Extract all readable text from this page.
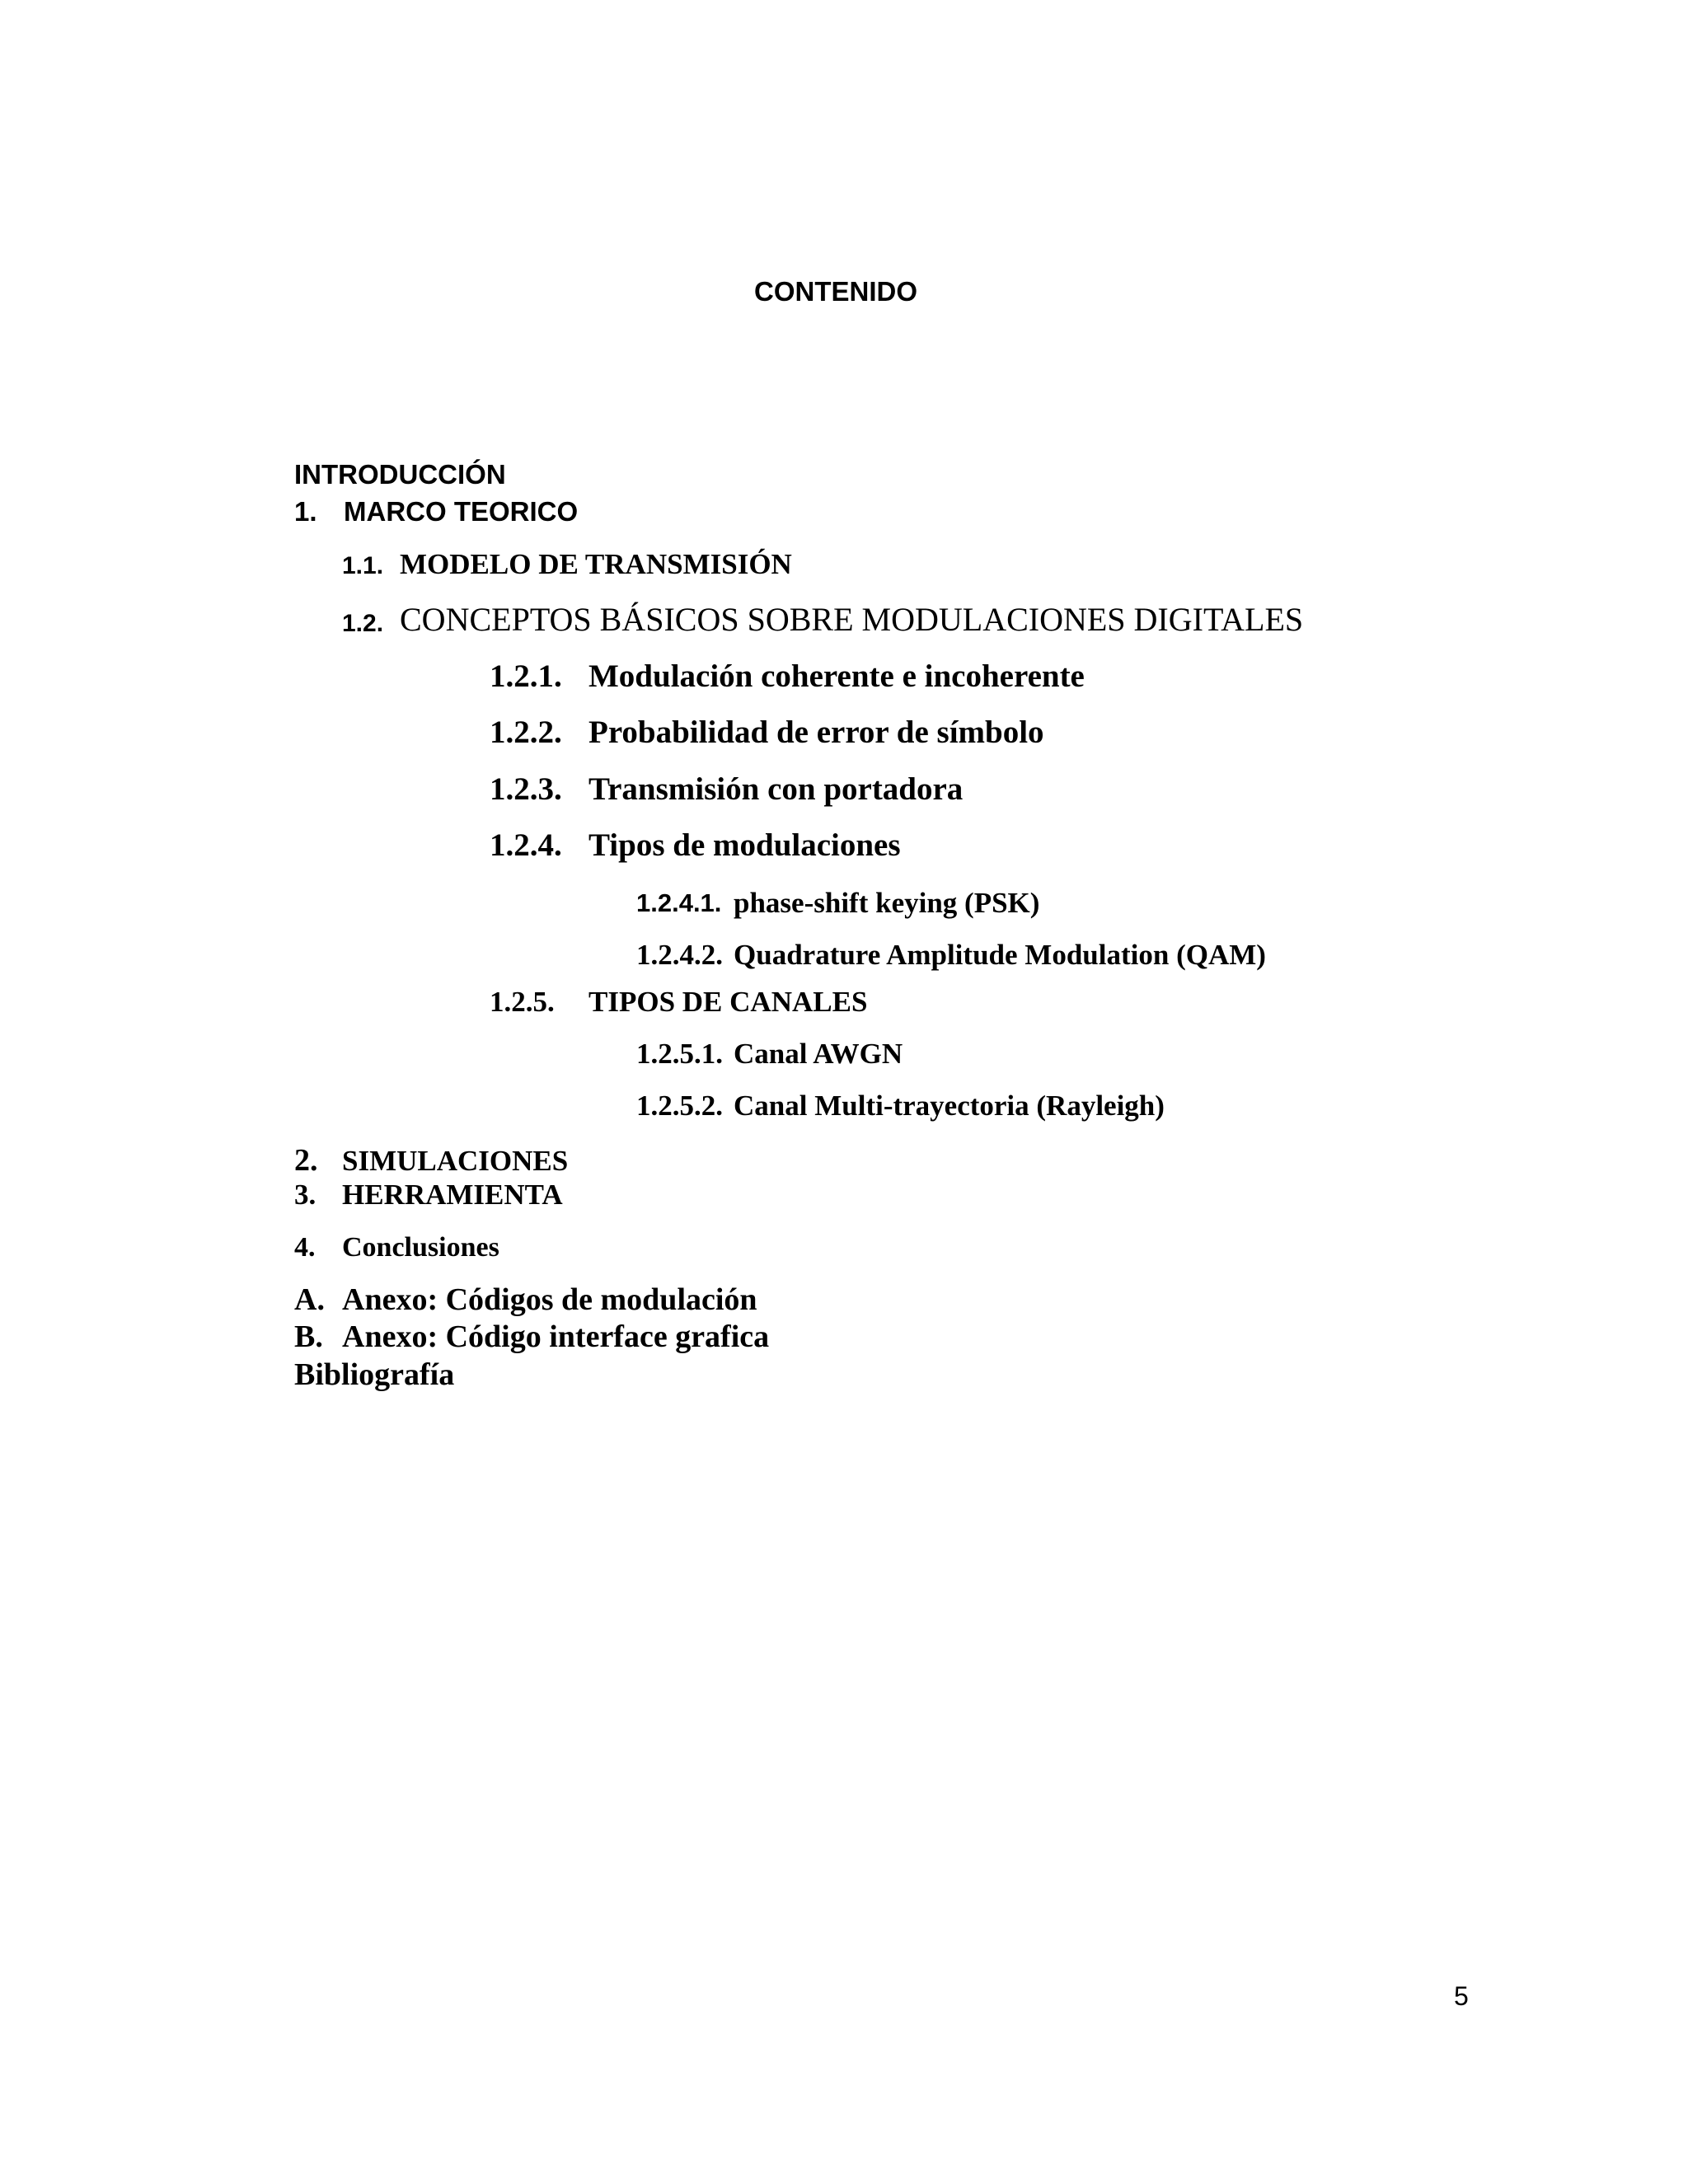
CONTENIDO
INTRODUCCIÓN
1. MARCO TEORICO
1.1. MODELO DE TRANSMISIÓN
1.2. CONCEPTOS BÁSICOS SOBRE MODULACIONES DIGITALES
1.2.1. Modulación coherente e incoherente
1.2.2. Probabilidad de error de símbolo
1.2.3. Transmisión con portadora
1.2.4. Tipos de modulaciones
1.2.4.1. phase-shift keying (PSK)
1.2.4.2. Quadrature Amplitude Modulation (QAM)
1.2.5. TIPOS DE CANALES
1.2.5.1. Canal AWGN
1.2.5.2. Canal Multi-trayectoria (Rayleigh)
2. SIMULACIONES
3. HERRAMIENTA
4. Conclusiones
A. Anexo: Códigos de modulación
B. Anexo: Código interface grafica
Bibliografía
5
